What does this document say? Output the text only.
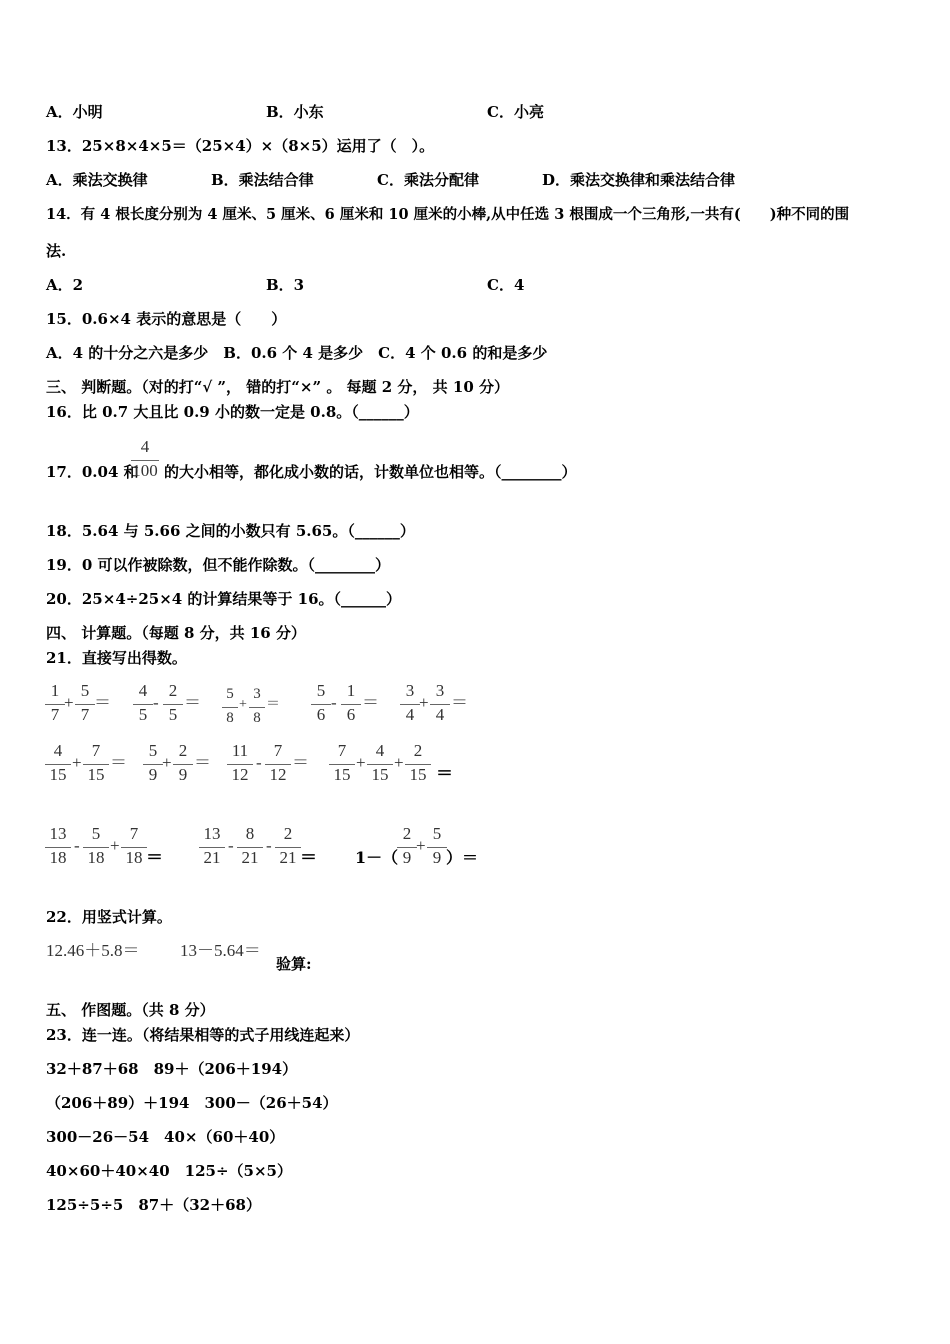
A．小明	B．小东	C．小亮
13．25×8×4×5＝（25×4）×（8×5）运用了（　）。
A．乘法交换律	B．乘法结合律	C．乘法分配律	D．乘法交换律和乘法结合律
14．有 4 根长度分别为 4 厘米、5 厘米、6 厘米和 10 厘米的小棒,从中任选 3 根围成一个三角形,一共有(　　)种不同的围
法.
A．2	B．3	C．4
15．0.6×4 表示的意思是（　　）
A．4 的十分之六是多少　B．0.6 个 4 是多少　C．4 个 0.6 的和是多少
三、 判断题。（对的打“√ ”， 错的打“×” 。 每题 2 分， 共 10 分）
16．比 0.7 大且比 0.9 小的数一定是 0.8。（______）
17．0.04 和
4
100 的大小相等，都化成小数的话，计数单位也相等。（________）
18．5.64 与 5.66 之间的小数只有 5.65。（______）
19．0 可以作被除数，但不能作除数。（________）
20．25×4÷25×4 的计算结果等于 16。（______）
四、 计算题。（每题 8 分，共 16 分）
21．直接写出得数。
1
7
+
5
7
＝
4
5
-
2
5
＝	5
8
+
3
8
＝
5
6
-
1
6
＝
3
4
+
3
4
＝
4
15
+
7
15
＝
5
9
+
2
9
＝
11
12
-
7
12
＝
7
15
+
4
15
+
2
15 ＝
13
18
-
5
18
+
7
18 ＝
13
21
-
8
21
-
2
21 ＝ 1－（
2
9
+
5
9 ）＝
22．用竖式计算。
12.46＋5.8＝ 13－5.64＝
验算:
五、 作图题。（共 8 分）
23．连一连。（将结果相等的式子用线连起来）
32＋87＋68　89＋（206＋194）
（206＋89）＋194　300－（26＋54）
300－26－54　40×（60＋40）
40×60＋40×40　125÷（5×5）
125÷5÷5　87＋（32＋68）
